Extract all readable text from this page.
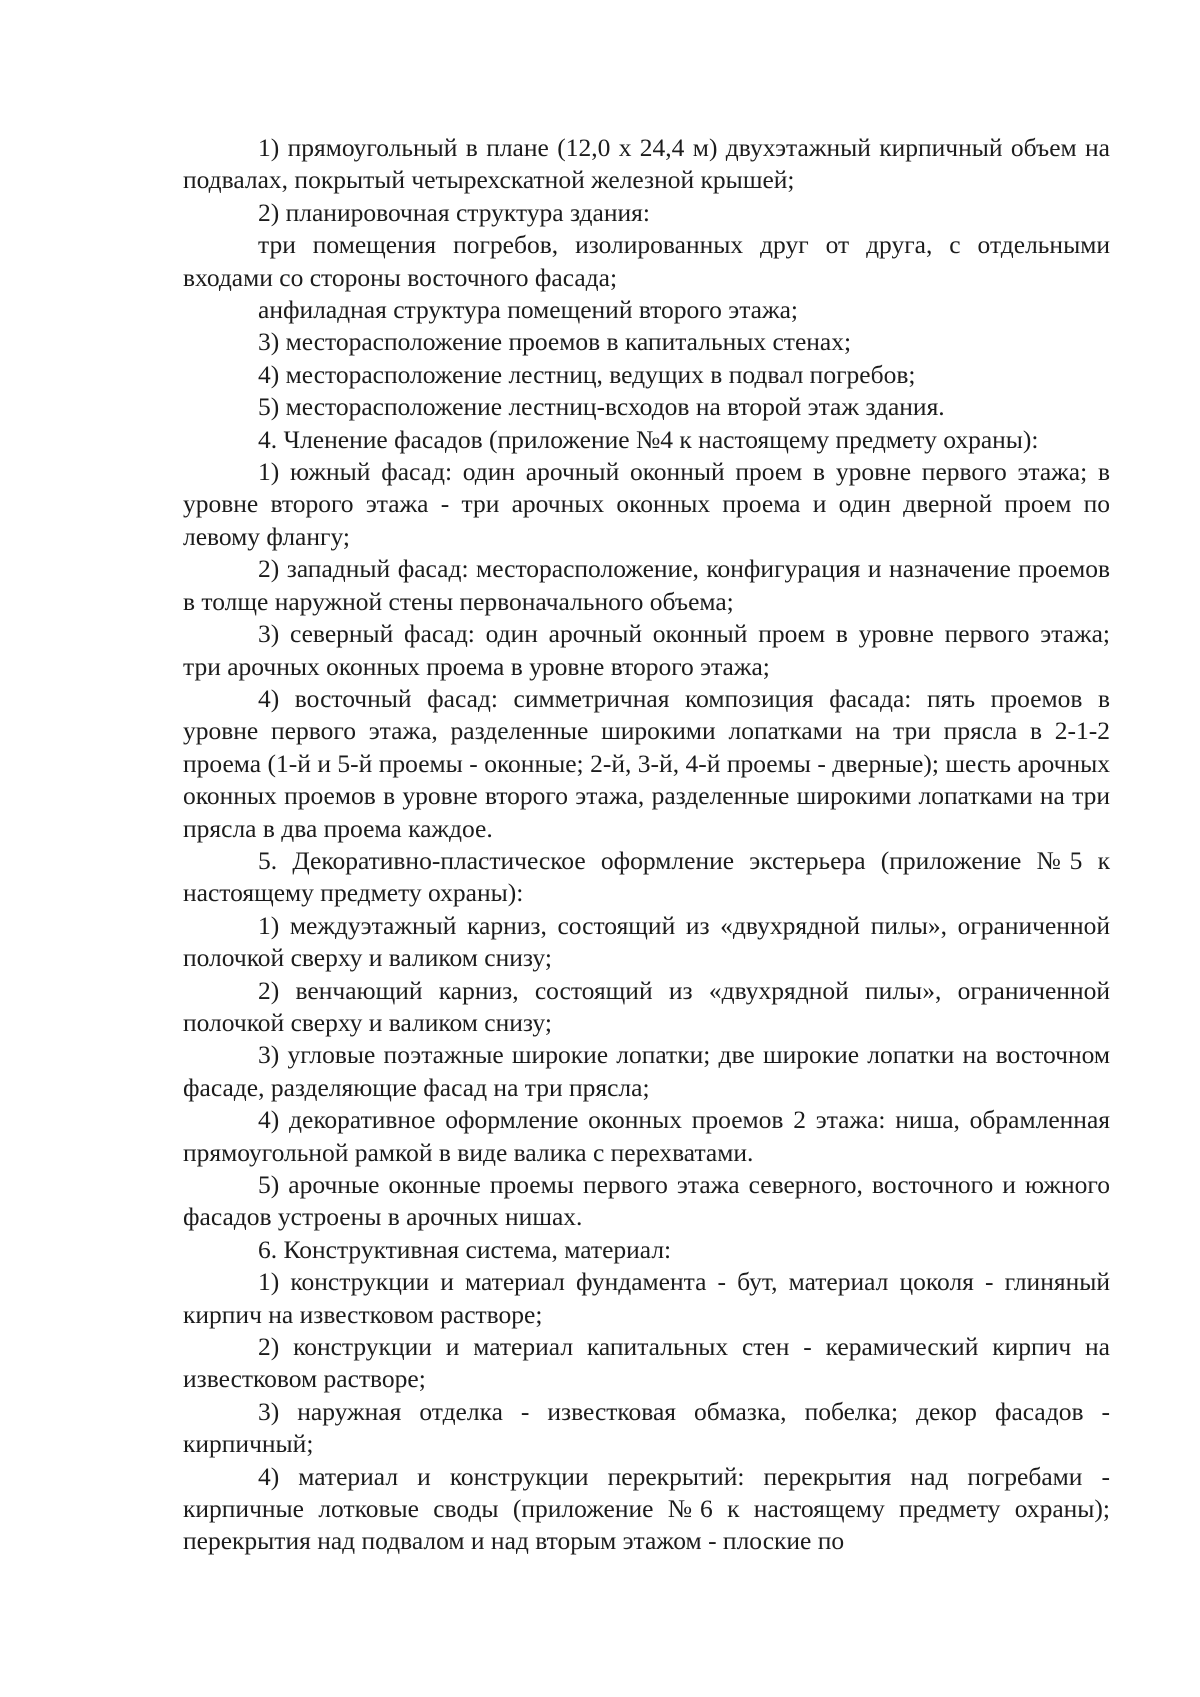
1) прямоугольный в плане (12,0 х 24,4 м) двухэтажный кирпичный объем на подвалах, покрытый четырехскатной железной крышей;

2) планировочная структура здания:

три помещения погребов, изолированных друг от друга, с отдельными входами со стороны восточного фасада;

анфиладная структура помещений второго этажа;

3) месторасположение проемов в капитальных стенах;

4) месторасположение лестниц, ведущих в подвал погребов;

5) месторасположение лестниц-всходов на второй этаж здания.

4. Членение фасадов (приложение №4 к настоящему предмету охраны):

1) южный фасад: один арочный оконный проем в уровне первого этажа; в уровне второго этажа - три арочных оконных проема и один дверной проем по левому флангу;

2) западный фасад: месторасположение, конфигурация и назначение проемов в толще наружной стены первоначального объема;

3) северный фасад: один арочный оконный проем в уровне первого этажа; три арочных оконных проема в уровне второго этажа;

4) восточный фасад: симметричная композиция фасада: пять проемов в уровне первого этажа, разделенные широкими лопатками на три прясла в 2-1-2 проема (1-й и 5-й проемы - оконные; 2-й, 3-й, 4-й проемы - дверные); шесть арочных оконных проемов в уровне второго этажа, разделенные широкими лопатками на три прясла в два проема каждое.

5. Декоративно-пластическое оформление экстерьера (приложение №5 к настоящему предмету охраны):

1) междуэтажный карниз, состоящий из «двухрядной пилы», ограниченной полочкой сверху и валиком снизу;

2) венчающий карниз, состоящий из «двухрядной пилы», ограниченной полочкой сверху и валиком снизу;

3) угловые поэтажные широкие лопатки; две широкие лопатки на восточном фасаде, разделяющие фасад на три прясла;

4) декоративное оформление оконных проемов 2 этажа: ниша, обрамленная прямоугольной рамкой в виде валика с перехватами.

5) арочные оконные проемы первого этажа северного, восточного и южного фасадов устроены в арочных нишах.

6. Конструктивная система, материал:

1) конструкции и материал фундамента - бут, материал цоколя - глиняный кирпич на известковом растворе;

2) конструкции и материал капитальных стен - керамический кирпич на известковом растворе;

3) наружная отделка - известковая обмазка, побелка; декор фасадов - кирпичный;

4) материал и конструкции перекрытий: перекрытия над погребами - кирпичные лотковые своды (приложение №6 к настоящему предмету охраны); перекрытия над подвалом и над вторым этажом - плоские по
